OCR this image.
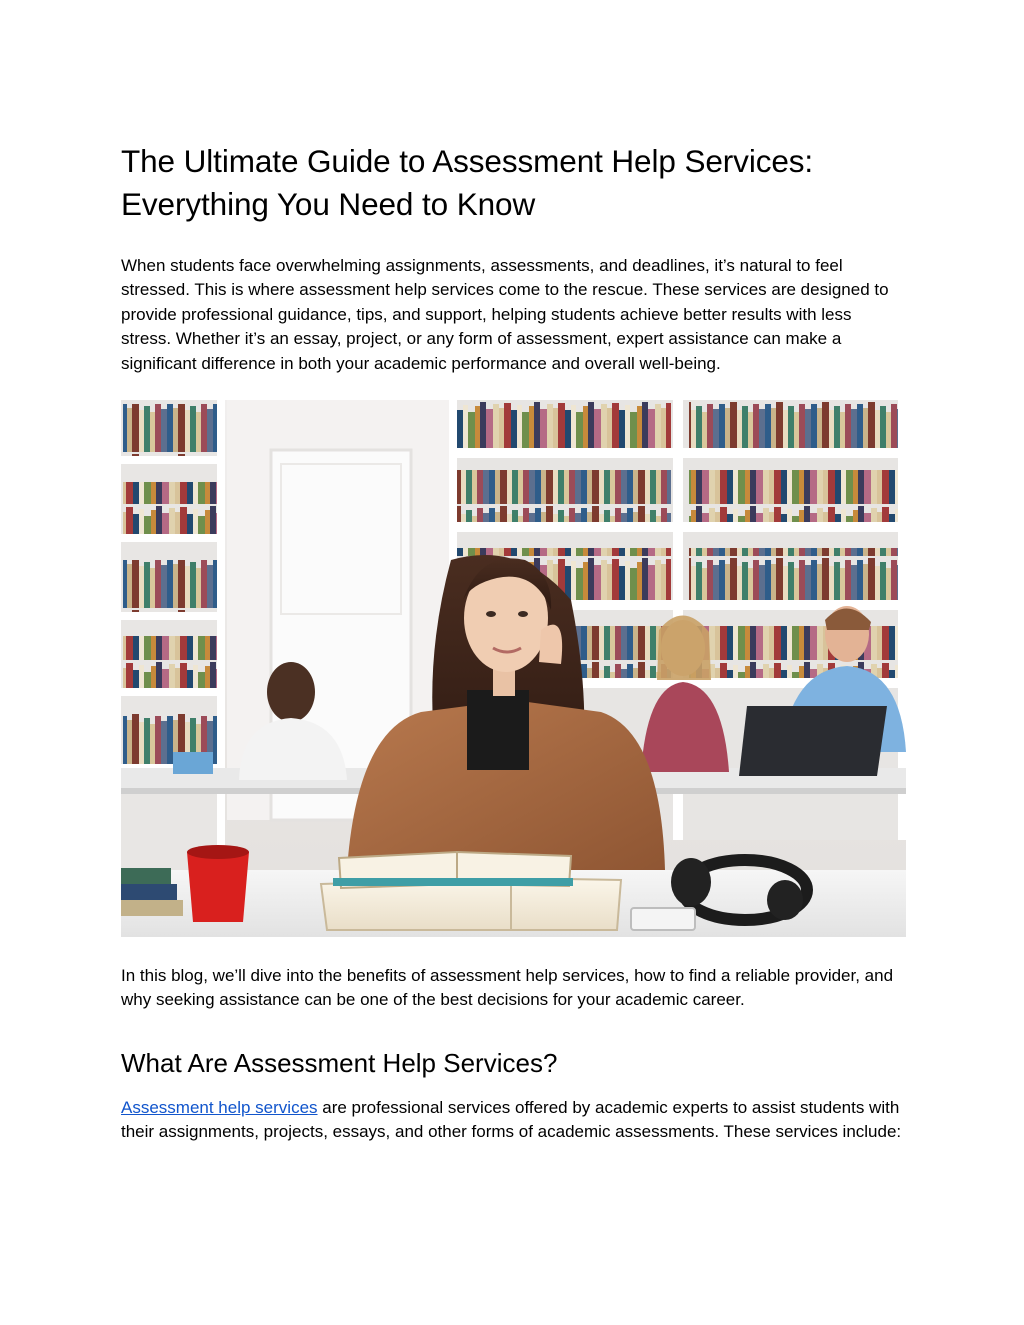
The Ultimate Guide to Assessment Help Services: Everything You Need to Know

When students face overwhelming assignments, assessments, and deadlines, it’s natural to feel stressed. This is where assessment help services come to the rescue. These services are designed to provide professional guidance, tips, and support, helping students achieve better results with less stress. Whether it’s an essay, project, or any form of assessment, expert assistance can make a significant difference in both your academic performance and overall well-being.

In this blog, we’ll dive into the benefits of assessment help services, how to find a reliable provider, and why seeking assistance can be one of the best decisions for your academic career.

What Are Assessment Help Services?

Assessment help services are professional services offered by academic experts to assist students with their assignments, projects, essays, and other forms of academic assessments. These services include:
